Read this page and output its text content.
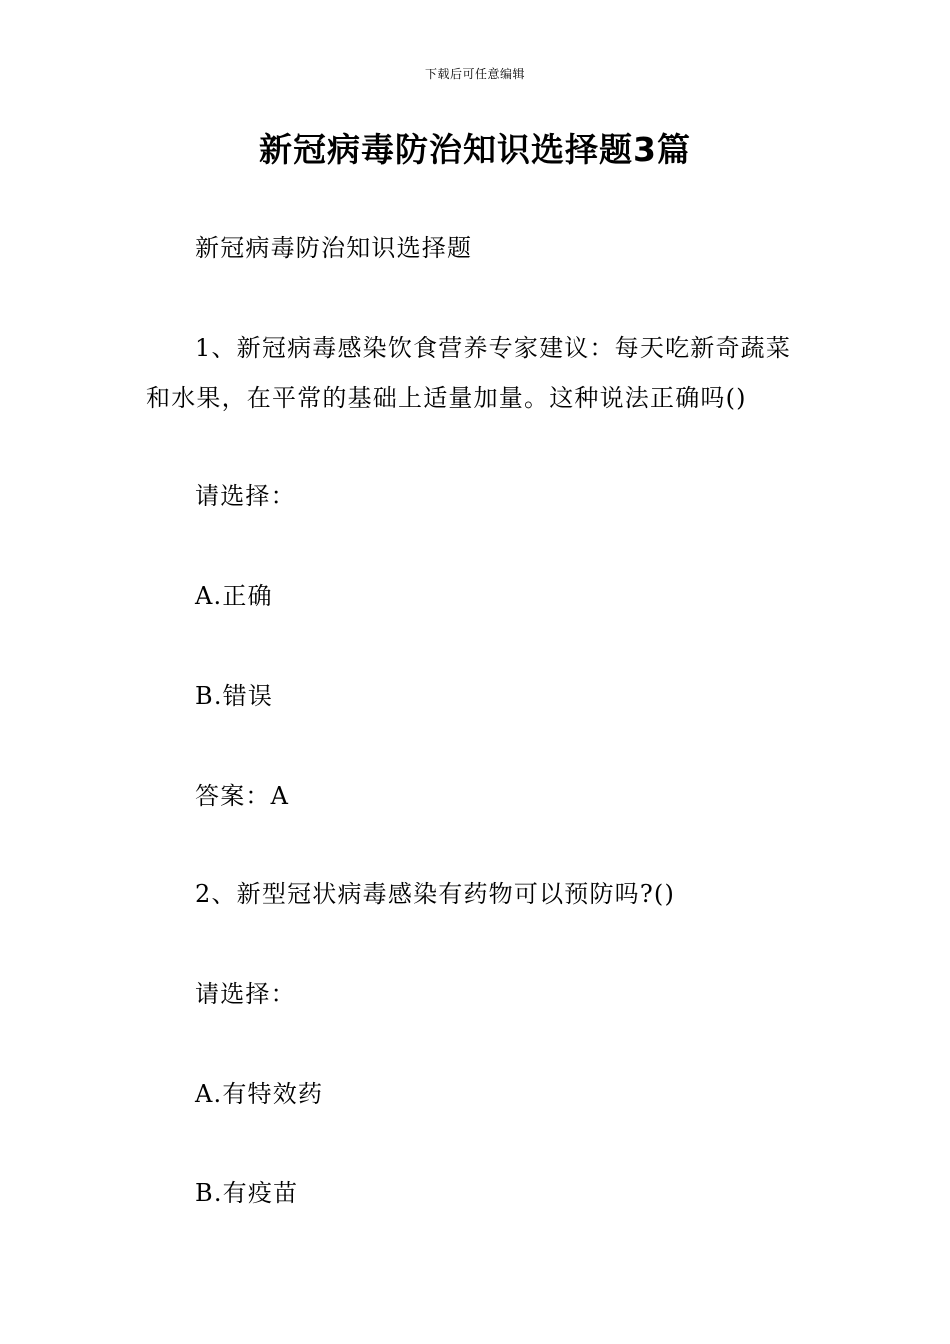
下载后可任意编辑
新冠病毒防治知识选择题3篇

新冠病毒防治知识选择题

1、新冠病毒感染饮食营养专家建议：每天吃新奇蔬菜和水果，在平常的基础上适量加量。这种说法正确吗()

请选择：

A.正确

B.错误

答案：A

2、新型冠状病毒感染有药物可以预防吗?()

请选择：

A.有特效药

B.有疫苗
